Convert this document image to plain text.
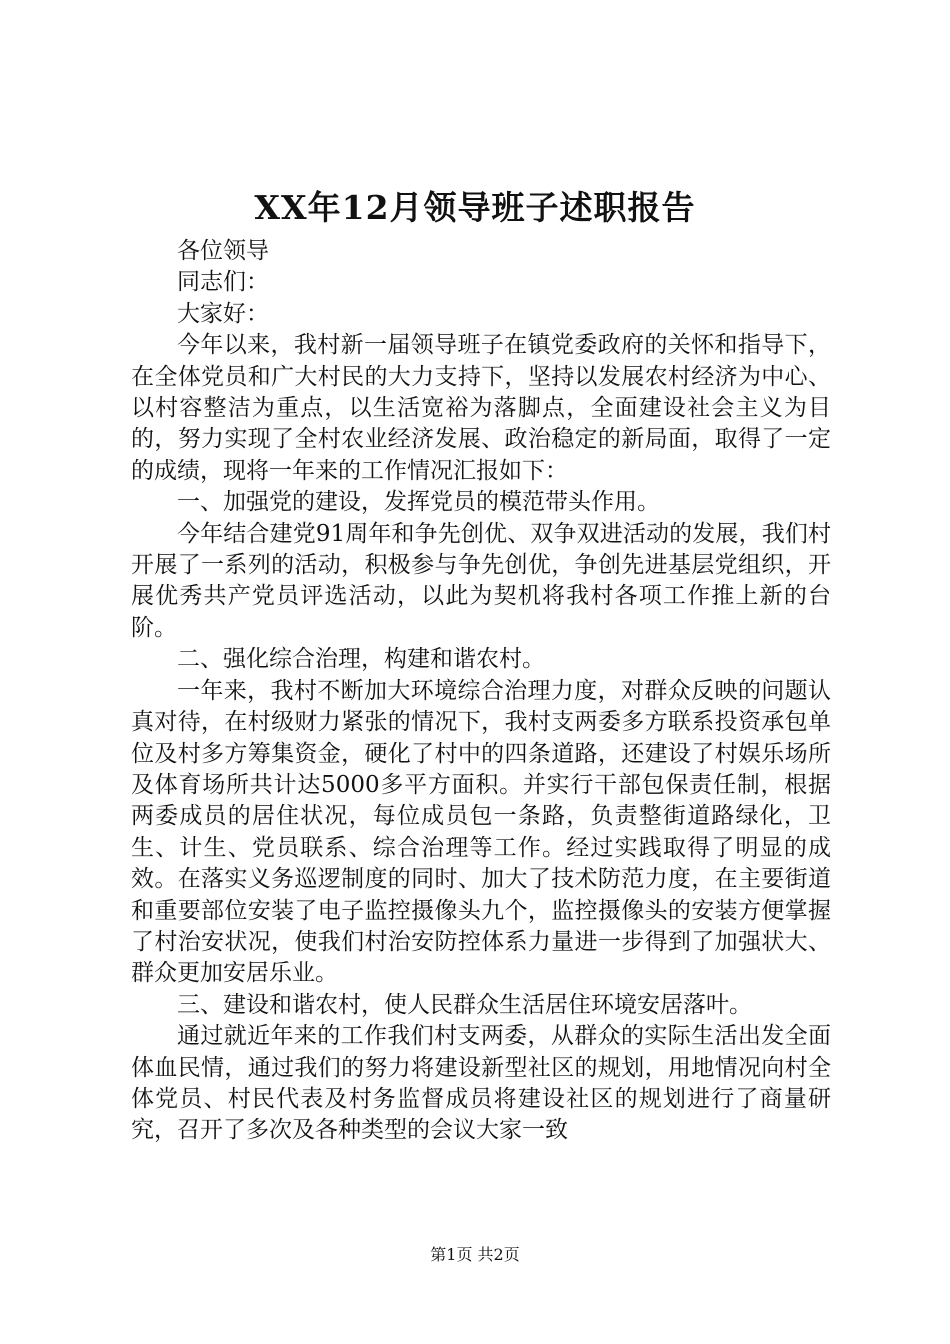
XX年12月领导班子述职报告

各位领导

同志们：

大家好：

今年以来，我村新一届领导班子在镇党委政府的关怀和指导下，在全体党员和广大村民的大力支持下，坚持以发展农村经济为中心、以村容整洁为重点，以生活宽裕为落脚点，全面建设社会主义为目的，努力实现了全村农业经济发展、政治稳定的新局面，取得了一定的成绩，现将一年来的工作情况汇报如下：

一、加强党的建设，发挥党员的模范带头作用。

今年结合建党91周年和争先创优、双争双进活动的发展，我们村开展了一系列的活动，积极参与争先创优，争创先进基层党组织，开展优秀共产党员评选活动，以此为契机将我村各项工作推上新的台阶。

二、强化综合治理，构建和谐农村。

一年来，我村不断加大环境综合治理力度，对群众反映的问题认真对待，在村级财力紧张的情况下，我村支两委多方联系投资承包单位及村多方筹集资金，硬化了村中的四条道路，还建设了村娱乐场所及体育场所共计达5000多平方面积。并实行干部包保责任制，根据两委成员的居住状况，每位成员包一条路，负责整街道路绿化，卫生、计生、党员联系、综合治理等工作。经过实践取得了明显的成效。在落实义务巡逻制度的同时、加大了技术防范力度，在主要街道和重要部位安装了电子监控摄像头九个，监控摄像头的安装方便掌握了村治安状况，使我们村治安防控体系力量进一步得到了加强状大、群众更加安居乐业。

三、建设和谐农村，使人民群众生活居住环境安居落叶。

通过就近年来的工作我们村支两委，从群众的实际生活出发全面体血民情，通过我们的努力将建设新型社区的规划，用地情况向村全体党员、村民代表及村务监督成员将建设社区的规划进行了商量研究，召开了多次及各种类型的会议大家一致

第1页 共2页
